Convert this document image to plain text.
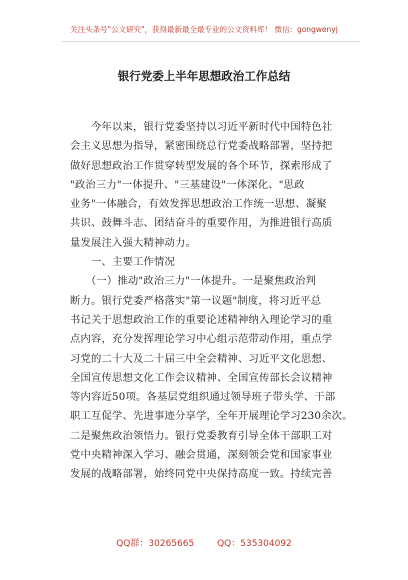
关注头条号"公文研究"，获得最新最全最专业的公文资料库！ 微信：gongwenyj
银行党委上半年思想政治工作总结
　　今年以来，银行党委坚持以习近平新时代中国特色社
会主义思想为指导，紧密围绕总行党委战略部署，坚持把
做好思想政治工作贯穿转型发展的各个环节，探索形成了
"政治三力"一体提升、"三基建设"一体深化、"思政
业务"一体融合，有效发挥思想政治工作统一思想、凝聚
共识、鼓舞斗志、团结奋斗的重要作用，为推进银行高质
量发展注入强大精神动力。
　　一、主要工作情况
　　（一）推动"政治三力"一体提升。一是聚焦政治判
断力。银行党委严格落实"第一议题"制度，将习近平总
书记关于思想政治工作的重要论述精神纳入理论学习的重
点内容，充分发挥理论学习中心组示范带动作用，重点学
习党的二十大及二十届三中全会精神、习近平文化思想、
全国宣传思想文化工作会议精神、全国宣传部长会议精神
等内容近50项。各基层党组织通过领导班子带头学、干部
职工互促学、先进事迹分享学，全年开展理论学习230余次。
二是聚焦政治领悟力。银行党委教育引导全体干部职工对
党中央精神深入学习、融会贯通，深刻领会党和国家事业
发展的战略部署，始终同党中央保持高度一致。持续完善
QQ群：30265665	QQ：535304092
